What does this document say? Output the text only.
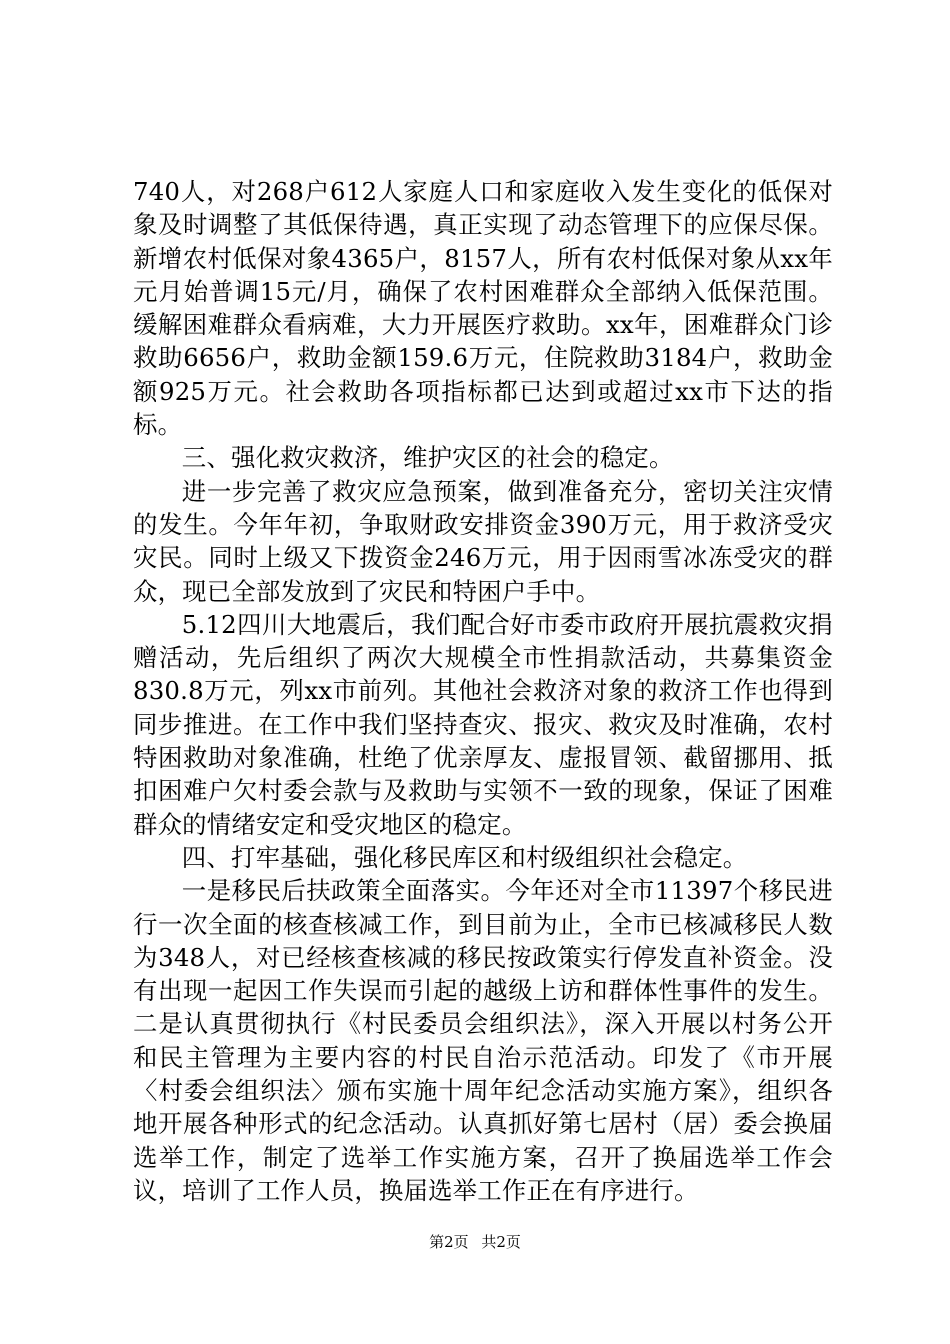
740人，对268户612人家庭人口和家庭收入发生变化的低保对象及时调整了其低保待遇，真正实现了动态管理下的应保尽保。新增农村低保对象4365户，8157人，所有农村低保对象从xx年元月始普调15元/月，确保了农村困难群众全部纳入低保范围。缓解困难群众看病难，大力开展医疗救助。xx年，困难群众门诊救助6656户，救助金额159.6万元，住院救助3184户，救助金额925万元。社会救助各项指标都已达到或超过xx市下达的指标。

三、强化救灾救济，维护灾区的社会的稳定。

进一步完善了救灾应急预案，做到准备充分，密切关注灾情的发生。今年年初，争取财政安排资金390万元，用于救济受灾灾民。同时上级又下拨资金246万元，用于因雨雪冰冻受灾的群众，现已全部发放到了灾民和特困户手中。

5.12四川大地震后，我们配合好市委市政府开展抗震救灾捐赠活动，先后组织了两次大规模全市性捐款活动，共募集资金830.8万元，列xx市前列。其他社会救济对象的救济工作也得到同步推进。在工作中我们坚持查灾、报灾、救灾及时准确，农村特困救助对象准确，杜绝了优亲厚友、虚报冒领、截留挪用、抵扣困难户欠村委会款与及救助与实领不一致的现象，保证了困难群众的情绪安定和受灾地区的稳定。

四、打牢基础，强化移民库区和村级组织社会稳定。

一是移民后扶政策全面落实。今年还对全市11397个移民进行一次全面的核查核减工作，到目前为止，全市已核减移民人数为348人，对已经核查核减的移民按政策实行停发直补资金。没有出现一起因工作失误而引起的越级上访和群体性事件的发生。二是认真贯彻执行《村民委员会组织法》，深入开展以村务公开和民主管理为主要内容的村民自治示范活动。印发了《市开展〈村委会组织法〉颁布实施十周年纪念活动实施方案》，组织各地开展各种形式的纪念活动。认真抓好第七居村（居）委会换届选举工作，制定了选举工作实施方案，召开了换届选举工作会议，培训了工作人员，换届选举工作正在有序进行。

第2页 共2页
